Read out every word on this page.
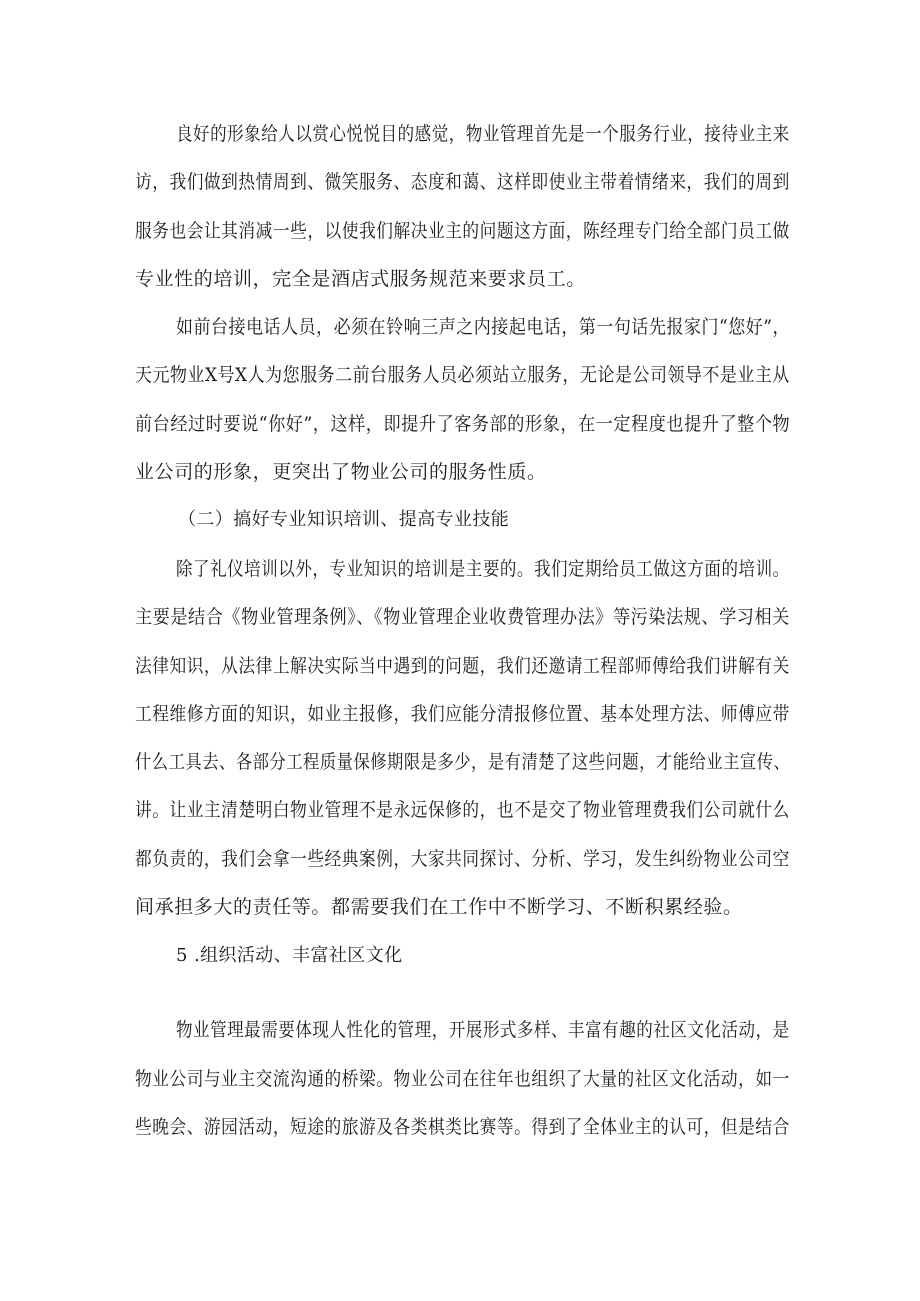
良好的形象给人以赏心悦悦目的感觉，物业管理首先是一个服务行业，接待业主来
访，我们做到热情周到、微笑服务、态度和蔼、这样即使业主带着情绪来，我们的周到
服务也会让其消减一些，以使我们解决业主的问题这方面，陈经理专门给全部门员工做
专业性的培训，完全是酒店式服务规范来要求员工。
如前台接电话人员，必须在铃响三声之内接起电话，第一句话先报家门“您好”，
天元物业X号X人为您服务二前台服务人员必须站立服务，无论是公司领导不是业主从
前台经过时要说“你好”，这样，即提升了客务部的形象，在一定程度也提升了整个物
业公司的形象，更突出了物业公司的服务性质。
（二）搞好专业知识培训、提高专业技能
除了礼仪培训以外，专业知识的培训是主要的。我们定期给员工做这方面的培训。
主要是结合《物业管理条例》、《物业管理企业收费管理办法》等污染法规、学习相关
法律知识，从法律上解决实际当中遇到的问题，我们还邀请工程部师傅给我们讲解有关
工程维修方面的知识，如业主报修，我们应能分清报修位置、基本处理方法、师傅应带
什么工具去、各部分工程质量保修期限是多少，是有清楚了这些问题，才能给业主宣传、
讲。让业主清楚明白物业管理不是永远保修的，也不是交了物业管理费我们公司就什么
都负责的，我们会拿一些经典案例，大家共同探讨、分析、学习，发生纠纷物业公司空
间承担多大的责任等。都需要我们在工作中不断学习、不断积累经验。
5 .组织活动、丰富社区文化
物业管理最需要体现人性化的管理，开展形式多样、丰富有趣的社区文化活动，是
物业公司与业主交流沟通的桥梁。物业公司在往年也组织了大量的社区文化活动，如一
些晚会、游园活动，短途的旅游及各类棋类比赛等。得到了全体业主的认可，但是结合
